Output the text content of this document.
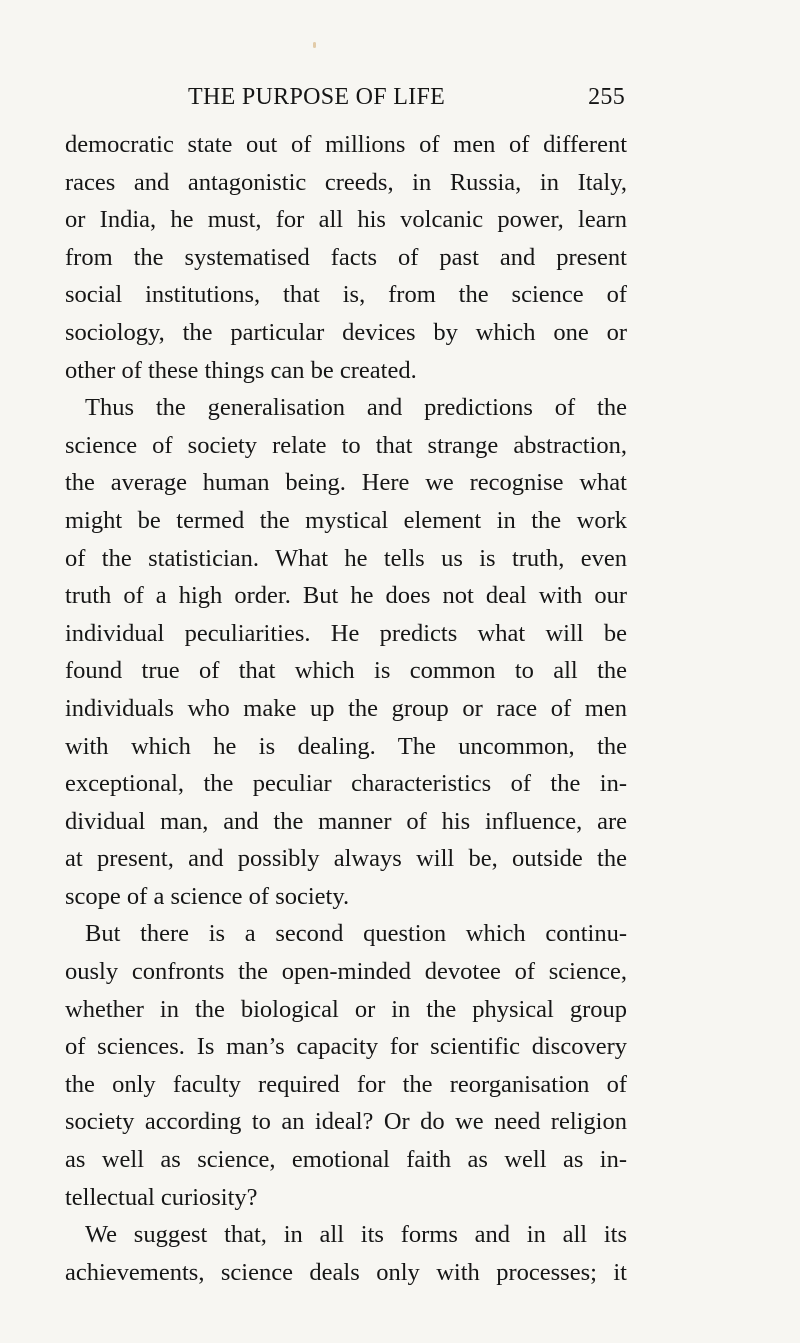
THE PURPOSE OF LIFE	255
democratic state out of millions of men of different
races and antagonistic creeds, in Russia, in Italy,
or India, he must, for all his volcanic power, learn
from the systematised facts of past and present
social institutions, that is, from the science of
sociology, the particular devices by which one or
other of these things can be created.
Thus the generalisation and predictions of the
science of society relate to that strange abstraction,
the average human being. Here we recognise what
might be termed the mystical element in the work
of the statistician. What he tells us is truth, even
truth of a high order. But he does not deal with our
individual peculiarities. He predicts what will be
found true of that which is common to all the
individuals who make up the group or race of men
with which he is dealing. The uncommon, the
exceptional, the peculiar characteristics of the in-
dividual man, and the manner of his influence, are
at present, and possibly always will be, outside the
scope of a science of society.
But there is a second question which continu-
ously confronts the open-minded devotee of science,
whether in the biological or in the physical group
of sciences. Is man’s capacity for scientific discovery
the only faculty required for the reorganisation of
society according to an ideal? Or do we need religion
as well as science, emotional faith as well as in-
tellectual curiosity?
We suggest that, in all its forms and in all its
achievements, science deals only with processes; it
